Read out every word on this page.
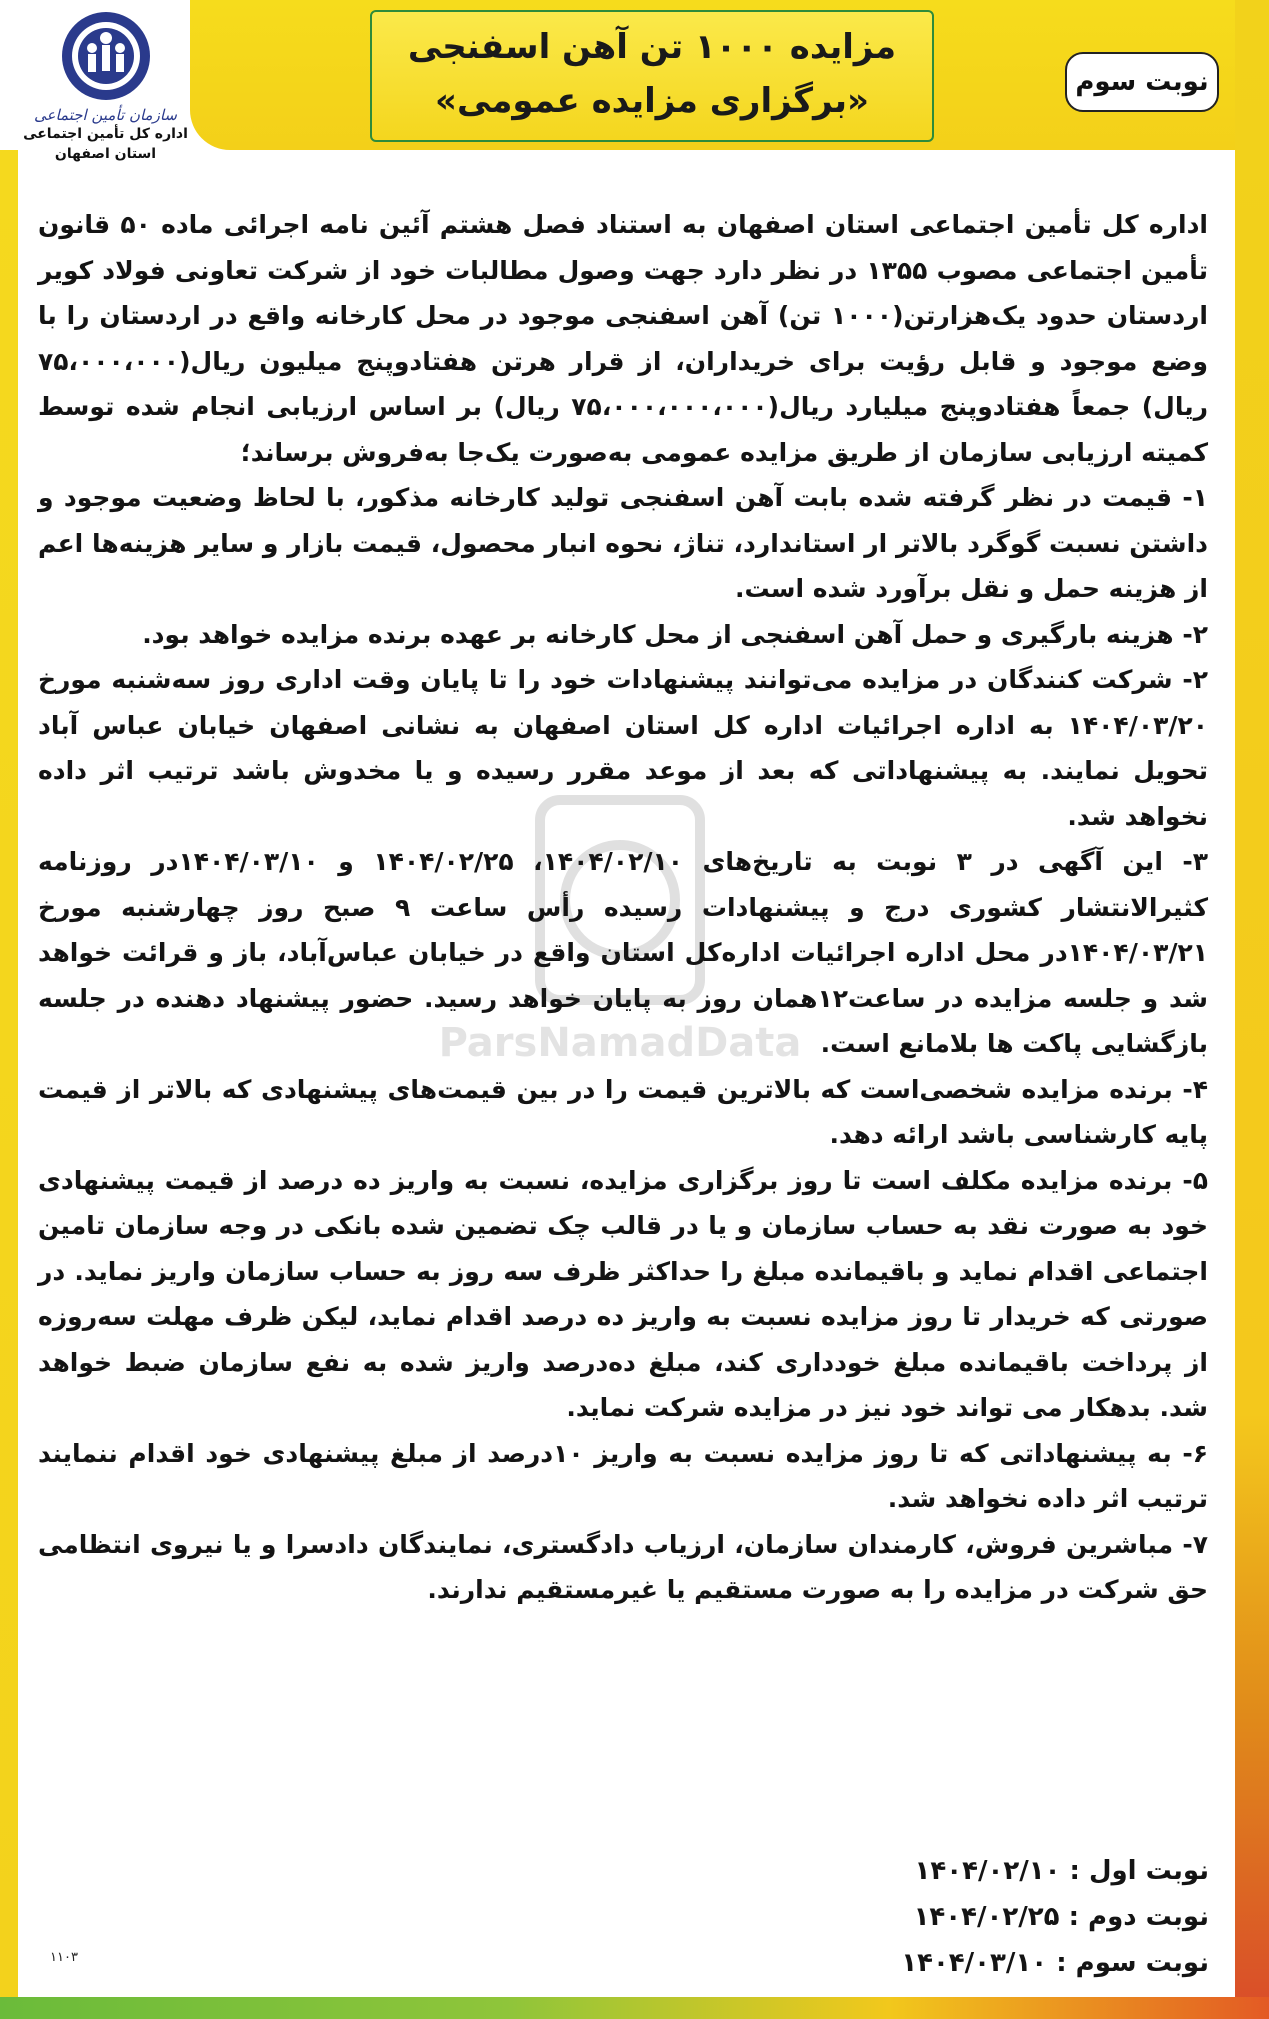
مزایده ۱۰۰۰ تن آهن اسفنجی
«برگزاری مزایده عمومی»	نوبت سوم
سازمان تأمین اجتماعی
اداره کل تأمین اجتماعی
استان اصفهان
ParsNamadData

اداره کل تأمین اجتماعی استان اصفهان به استناد فصل هشتم آئین نامه اجرائی ماده ۵۰ قانون تأمین اجتماعی مصوب ۱۳۵۵ در نظر دارد جهت وصول مطالبات خود از شرکت تعاونی فولاد کویر اردستان حدود یک‌هزارتن(۱۰۰۰ تن) آهن اسفنجی موجود در محل کارخانه واقع در اردستان را با وضع موجود و قابل رؤیت برای خریداران، از قرار هرتن هفتادوپنج میلیون ریال(۷۵،۰۰۰،۰۰۰ ریال) جمعاً هفتادوپنج میلیارد ریال(۷۵،۰۰۰،۰۰۰،۰۰۰ ریال) بر اساس ارزیابی انجام شده توسط کمیته ارزیابی سازمان از طریق مزایده عمومی به‌صورت یک‌جا به‌فروش برساند؛

۱- قیمت در نظر گرفته شده بابت آهن اسفنجی تولید کارخانه مذکور، با لحاظ وضعیت موجود و داشتن نسبت گوگرد بالاتر ار استاندارد، تناژ، نحوه انبار محصول، قیمت بازار و سایر هزینه‌ها اعم از هزینه حمل و نقل برآورد شده است.

۲- هزینه بارگیری و حمل آهن اسفنجی از محل کارخانه بر عهده برنده مزایده خواهد بود.

۲- شرکت کنندگان در مزایده می‌توانند پیشنهادات خود را تا پایان وقت اداری روز سه‌شنبه مورخ ۱۴۰۴/۰۳/۲۰ به اداره اجرائیات اداره کل استان اصفهان به نشانی اصفهان خیابان عباس آباد تحویل نمایند. به پیشنهاداتی که بعد از موعد مقرر رسیده و یا مخدوش باشد ترتیب اثر داده نخواهد شد.

۳- این آگهی در ۳ نوبت به تاریخ‌های ۱۴۰۴/۰۲/۱۰، ۱۴۰۴/۰۲/۲۵ و ۱۴۰۴/۰۳/۱۰در روزنامه کثیرالانتشار کشوری درج و پیشنهادات رسیده رأس ساعت ۹ صبح روز چهارشنبه مورخ ۱۴۰۴/۰۳/۲۱در محل اداره اجرائیات اداره‌کل استان واقع در خیابان عباس‌آباد، باز و قرائت خواهد شد و جلسه مزایده در ساعت۱۲همان روز به پایان خواهد رسید. حضور پیشنهاد دهنده در جلسه بازگشایی پاکت ها بلامانع است.

۴- برنده مزایده شخصی‌است که بالاترین قیمت را در بین قیمت‌های پیشنهادی که بالاتر از قیمت پایه کارشناسی باشد ارائه دهد.

۵- برنده مزایده مکلف است تا روز برگزاری مزایده، نسبت به واریز ده درصد از قیمت پیشنهادی خود به صورت نقد به حساب سازمان و یا در قالب چک تضمین شده بانکی در وجه سازمان تامین اجتماعی اقدام نماید و باقیمانده مبلغ را حداکثر ظرف سه روز به حساب سازمان واریز نماید. در صورتی که خریدار تا روز مزایده نسبت به واریز ده درصد اقدام نماید، لیکن ظرف مهلت سه‌روزه از پرداخت باقیمانده مبلغ خودداری کند، مبلغ ده‌درصد واریز شده به نفع سازمان ضبط خواهد شد. بدهکار می تواند خود نیز در مزایده شرکت نماید.

۶- به پیشنهاداتی که تا روز مزایده نسبت به واریز ۱۰درصد از مبلغ پیشنهادی خود اقدام ننمایند ترتیب اثر داده نخواهد شد.

۷- مباشرین فروش، کارمندان سازمان، ارزیاب دادگستری، نمایندگان دادسرا و یا نیروی انتظامی حق شرکت در مزایده را به صورت مستقیم یا غیرمستقیم ندارند.

نوبت اول : ۱۴۰۴/۰۲/۱۰
نوبت دوم : ۱۴۰۴/۰۲/۲۵
نوبت سوم : ۱۴۰۴/۰۳/۱۰
۱۱۰۳
